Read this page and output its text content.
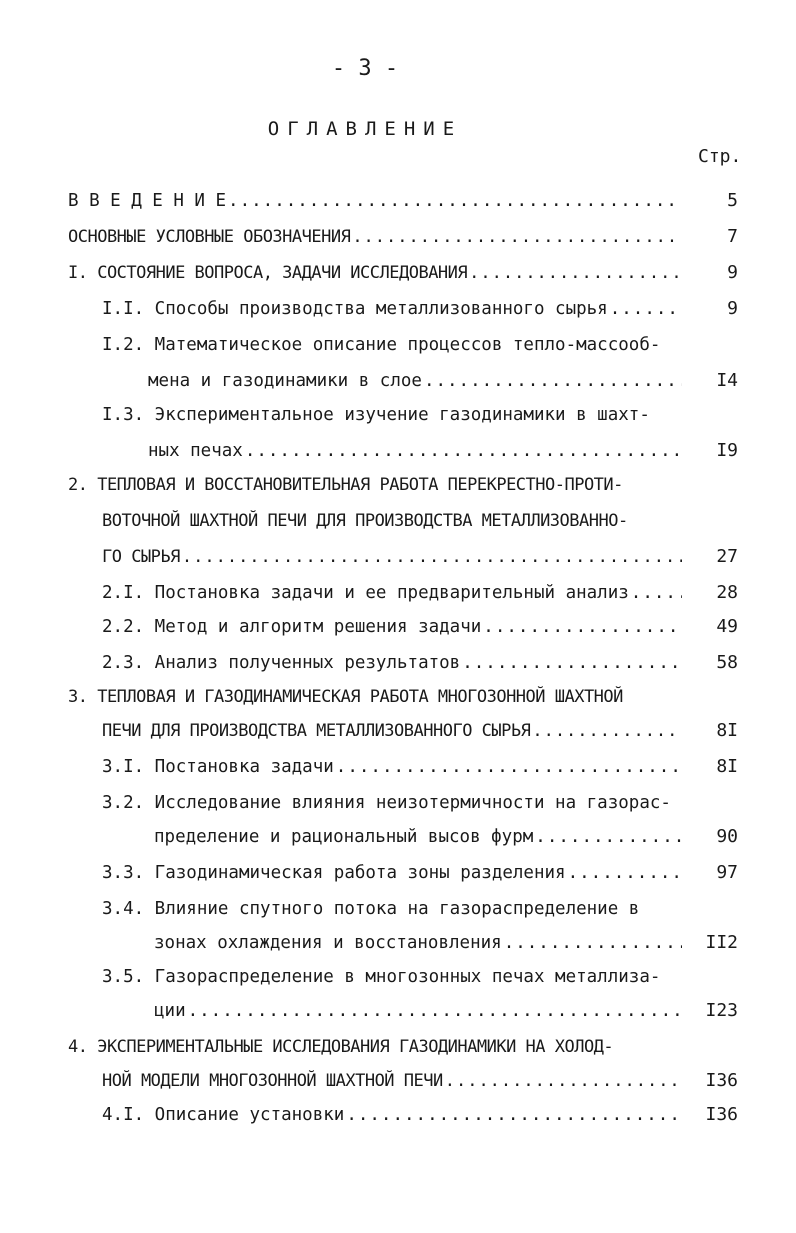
- 3 -
ОГЛАВЛЕНИЕ
Стр.
В В Е Д Е Н И Е .....	5
ОСНОВНЫЕ УСЛОВНЫЕ ОБОЗНАЧЕНИЯ .....	7
I. СОСТОЯНИЕ ВОПРОСА, ЗАДАЧИ ИССЛЕДОВАНИЯ .....	9
I.I. Способы производства металлизованного сырья .....	9
I.2. Математическое описание процессов тепло-массооб-
мена и газодинамики в слое .....	I4
I.3. Экспериментальное изучение газодинамики в шахт-
ных печах .....	I9
2. ТЕПЛОВАЯ И ВОССТАНОВИТЕЛЬНАЯ РАБОТА ПЕРЕКРЕСТНО-ПРОТИ-
ВОТОЧНОЙ ШАХТНОЙ ПЕЧИ ДЛЯ ПРОИЗВОДСТВА МЕТАЛЛИЗОВАННО-
ГО СЫРЬЯ .....	27
2.I. Постановка задачи и ее предварительный анализ .....	28
2.2. Метод и алгоритм решения задачи .....	49
2.3. Анализ полученных результатов .....	58
3. ТЕПЛОВАЯ И ГАЗОДИНАМИЧЕСКАЯ РАБОТА МНОГОЗОННОЙ ШАХТНОЙ
ПЕЧИ ДЛЯ ПРОИЗВОДСТВА МЕТАЛЛИЗОВАННОГО СЫРЬЯ .....	8I
3.I. Постановка задачи .....	8I
3.2. Исследование влияния неизотермичности на газорас-
пределение и рациональный высов фурм .....	90
3.3. Газодинамическая работа зоны разделения .....	97
3.4. Влияние спутного потока на газораспределение в
зонах охлаждения и восстановления .....	II2
3.5. Газораспределение в многозонных печах металлиза-
ции .....	I23
4. ЭКСПЕРИМЕНТАЛЬНЫЕ ИССЛЕДОВАНИЯ ГАЗОДИНАМИКИ НА ХОЛОД-
НОЙ МОДЕЛИ МНОГОЗОННОЙ ШАХТНОЙ ПЕЧИ .....	I36
4.I. Описание установки .....	I36
